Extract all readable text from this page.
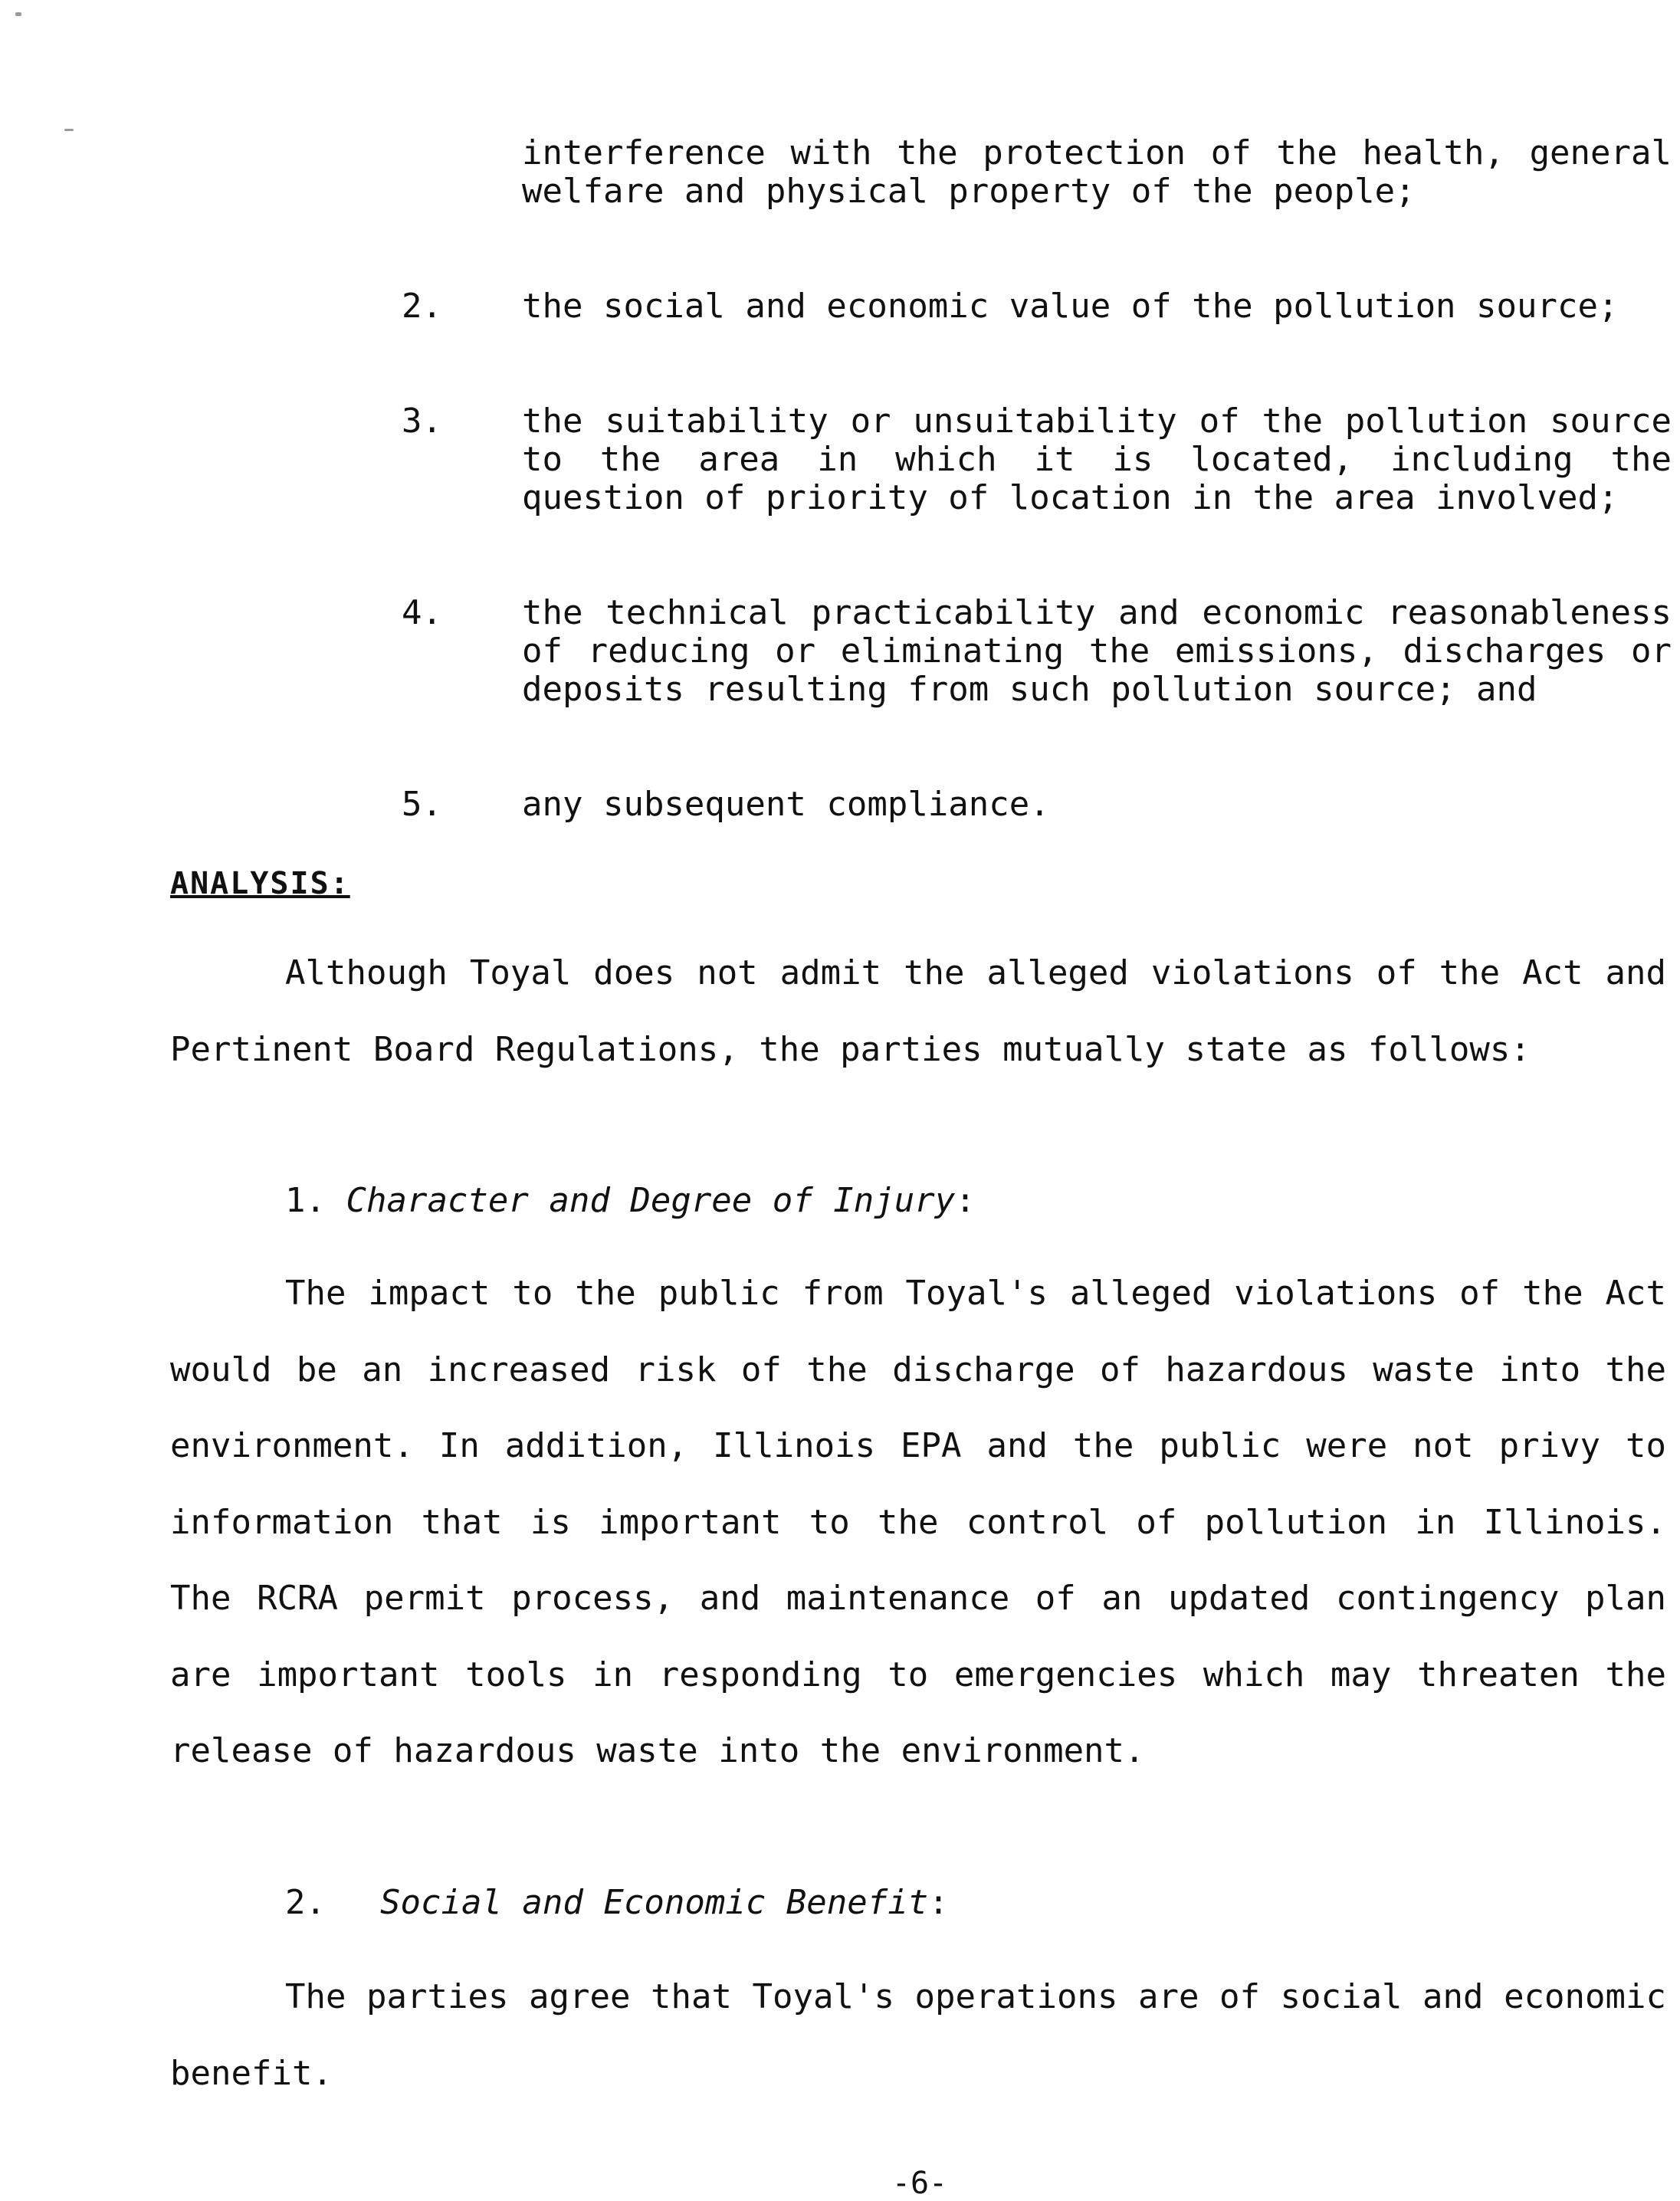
interference with the protection of the health, general welfare and physical property of the people;
2. the social and economic value of the pollution source;
3. the suitability or unsuitability of the pollution source to the area in which it is located, including the question of priority of location in the area involved;
4. the technical practicability and economic reasonableness of reducing or eliminating the emissions, discharges or deposits resulting from such pollution source; and
5. any subsequent compliance.
ANALYSIS:
Although Toyal does not admit the alleged violations of the Act and Pertinent Board Regulations, the parties mutually state as follows:
1. Character and Degree of Injury:
The impact to the public from Toyal's alleged violations of the Act would be an increased risk of the discharge of hazardous waste into the environment. In addition, Illinois EPA and the public were not privy to information that is important to the control of pollution in Illinois. The RCRA permit process, and maintenance of an updated contingency plan are important tools in responding to emergencies which may threaten the release of hazardous waste into the environment.
2. Social and Economic Benefit:
The parties agree that Toyal's operations are of social and economic benefit.
-6-
